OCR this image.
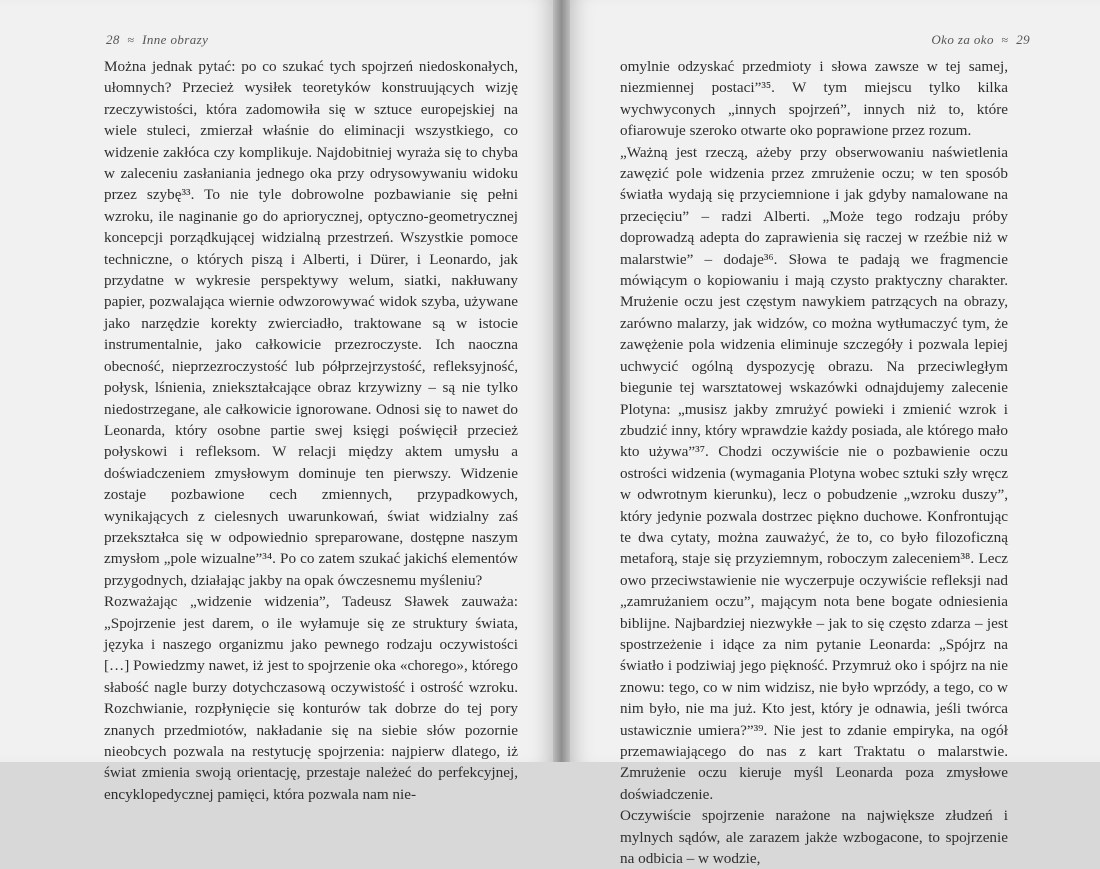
28 ≈ Inne obrazy

Można jednak pytać: po co szukać tych spojrzeń niedoskonałych, ułomnych? Przecież wysiłek teoretyków konstruujących wizję rzeczywistości, która zadomowiła się w sztuce europejskiej na wiele stuleci, zmierzał właśnie do eliminacji wszystkiego, co widzenie zakłóca czy komplikuje. Najdobitniej wyraża się to chyba w zaleceniu zasłaniania jednego oka przy odrysowywaniu widoku przez szybę³³. To nie tyle dobrowolne pozbawianie się pełni wzroku, ile naginanie go do apriorycznej, optyczno-geometrycznej koncepcji porządkującej widzialną przestrzeń. Wszystkie pomoce techniczne, o których piszą i Alberti, i Dürer, i Leonardo, jak przydatne w wykresie perspektywy welum, siatki, nakłuwany papier, pozwalająca wiernie odwzorowywać widok szyba, używane jako narzędzie korekty zwierciadło, traktowane są w istocie instrumentalnie, jako całkowicie przezroczyste. Ich naoczna obecność, nieprzezroczystość lub półprzejrzystość, refleksyjność, połysk, lśnienia, zniekształcające obraz krzywizny – są nie tylko niedostrzegane, ale całkowicie ignorowane. Odnosi się to nawet do Leonarda, który osobne partie swej księgi poświęcił przecież połyskowi i refleksom. W relacji między aktem umysłu a doświadczeniem zmysłowym dominuje ten pierwszy. Widzenie zostaje pozbawione cech zmiennych, przypadkowych, wynikających z cielesnych uwarunkowań, świat widzialny zaś przekształca się w odpowiednio spreparowane, dostępne naszym zmysłom „pole wizualne”³⁴. Po co zatem szukać jakichś elementów przygodnych, działając jakby na opak ówczesnemu myśleniu?

Rozważając „widzenie widzenia”, Tadeusz Sławek zauważa: „Spojrzenie jest darem, o ile wyłamuje się ze struktury świata, języka i naszego organizmu jako pewnego rodzaju oczywistości […] Powiedzmy nawet, iż jest to spojrzenie oka «chorego», którego słabość nagle burzy dotychczasową oczywistość i ostrość wzroku. Rozchwianie, rozpłynięcie się konturów tak dobrze do tej pory znanych przedmiotów, nakładanie się na siebie słów pozornie nieobcych pozwala na restytucję spojrzenia: najpierw dlatego, iż świat zmienia swoją orientację, przestaje należeć do perfekcyjnej, encyklopedycznej pamięci, która pozwala nam nie-

Oko za oko ≈ 29

omylnie odzyskać przedmioty i słowa zawsze w tej samej, niezmiennej postaci”³⁵. W tym miejscu tylko kilka wychwyconych „innych spojrzeń”, innych niż to, które ofiarowuje szeroko otwarte oko poprawione przez rozum.

„Ważną jest rzeczą, ażeby przy obserwowaniu naświetlenia zawęzić pole widzenia przez zmrużenie oczu; w ten sposób światła wydają się przyciemnione i jak gdyby namalowane na przecięciu” – radzi Alberti. „Może tego rodzaju próby doprowadzą adepta do zaprawienia się raczej w rzeźbie niż w malarstwie” – dodaje³⁶. Słowa te padają we fragmencie mówiącym o kopiowaniu i mają czysto praktyczny charakter. Mrużenie oczu jest częstym nawykiem patrzących na obrazy, zarówno malarzy, jak widzów, co można wytłumaczyć tym, że zawężenie pola widzenia eliminuje szczegóły i pozwala lepiej uchwycić ogólną dyspozycję obrazu. Na przeciwległym biegunie tej warsztatowej wskazówki odnajdujemy zalecenie Plotyna: „musisz jakby zmrużyć powieki i zmienić wzrok i zbudzić inny, który wprawdzie każdy posiada, ale którego mało kto używa”³⁷. Chodzi oczywiście nie o pozbawienie oczu ostrości widzenia (wymagania Plotyna wobec sztuki szły wręcz w odwrotnym kierunku), lecz o pobudzenie „wzroku duszy”, który jedynie pozwala dostrzec piękno duchowe. Konfrontując te dwa cytaty, można zauważyć, że to, co było filozoficzną metaforą, staje się przyziemnym, roboczym zaleceniem³⁸. Lecz owo przeciwstawienie nie wyczerpuje oczywiście refleksji nad „zamrużaniem oczu”, mającym nota bene bogate odniesienia biblijne. Najbardziej niezwykłe – jak to się często zdarza – jest spostrzeżenie i idące za nim pytanie Leonarda: „Spójrz na światło i podziwiaj jego piękność. Przymruż oko i spójrz na nie znowu: tego, co w nim widzisz, nie było wprzódy, a tego, co w nim było, nie ma już. Kto jest, który je odnawia, jeśli twórca ustawicznie umiera?”³⁹. Nie jest to zdanie empiryka, na ogół przemawiającego do nas z kart Traktatu o malarstwie. Zmrużenie oczu kieruje myśl Leonarda poza zmysłowe doświadczenie.

Oczywiście spojrzenie narażone na największe złudzeń i mylnych sądów, ale zarazem jakże wzbogacone, to spojrzenie na odbicia – w wodzie,
